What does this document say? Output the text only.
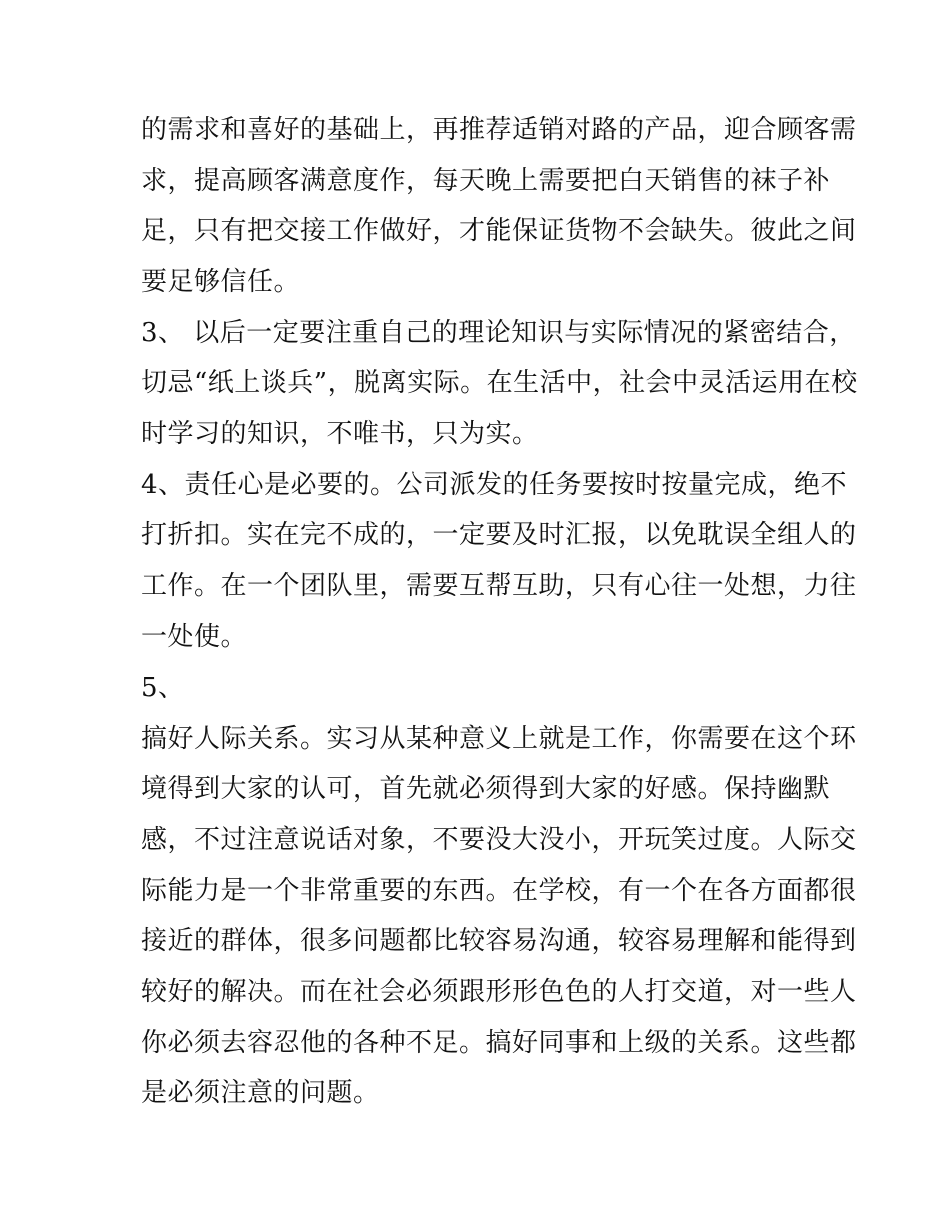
的需求和喜好的基础上，再推荐适销对路的产品，迎合顾客需
求，提高顾客满意度作，每天晚上需要把白天销售的袜子补
足，只有把交接工作做好，才能保证货物不会缺失。彼此之间
要足够信任。
3、 以后一定要注重自己的理论知识与实际情况的紧密结合，
切忌“纸上谈兵”，脱离实际。在生活中，社会中灵活运用在校
时学习的知识，不唯书，只为实。
4、责任心是必要的。公司派发的任务要按时按量完成，绝不
打折扣。实在完不成的，一定要及时汇报，以免耽误全组人的
工作。在一个团队里，需要互帮互助，只有心往一处想，力往
一处使。
5、
搞好人际关系。实习从某种意义上就是工作，你需要在这个环
境得到大家的认可，首先就必须得到大家的好感。保持幽默
感，不过注意说话对象，不要没大没小，开玩笑过度。人际交
际能力是一个非常重要的东西。在学校，有一个在各方面都很
接近的群体，很多问题都比较容易沟通，较容易理解和能得到
较好的解决。而在社会必须跟形形色色的人打交道，对一些人
你必须去容忍他的各种不足。搞好同事和上级的关系。这些都
是必须注意的问题。
